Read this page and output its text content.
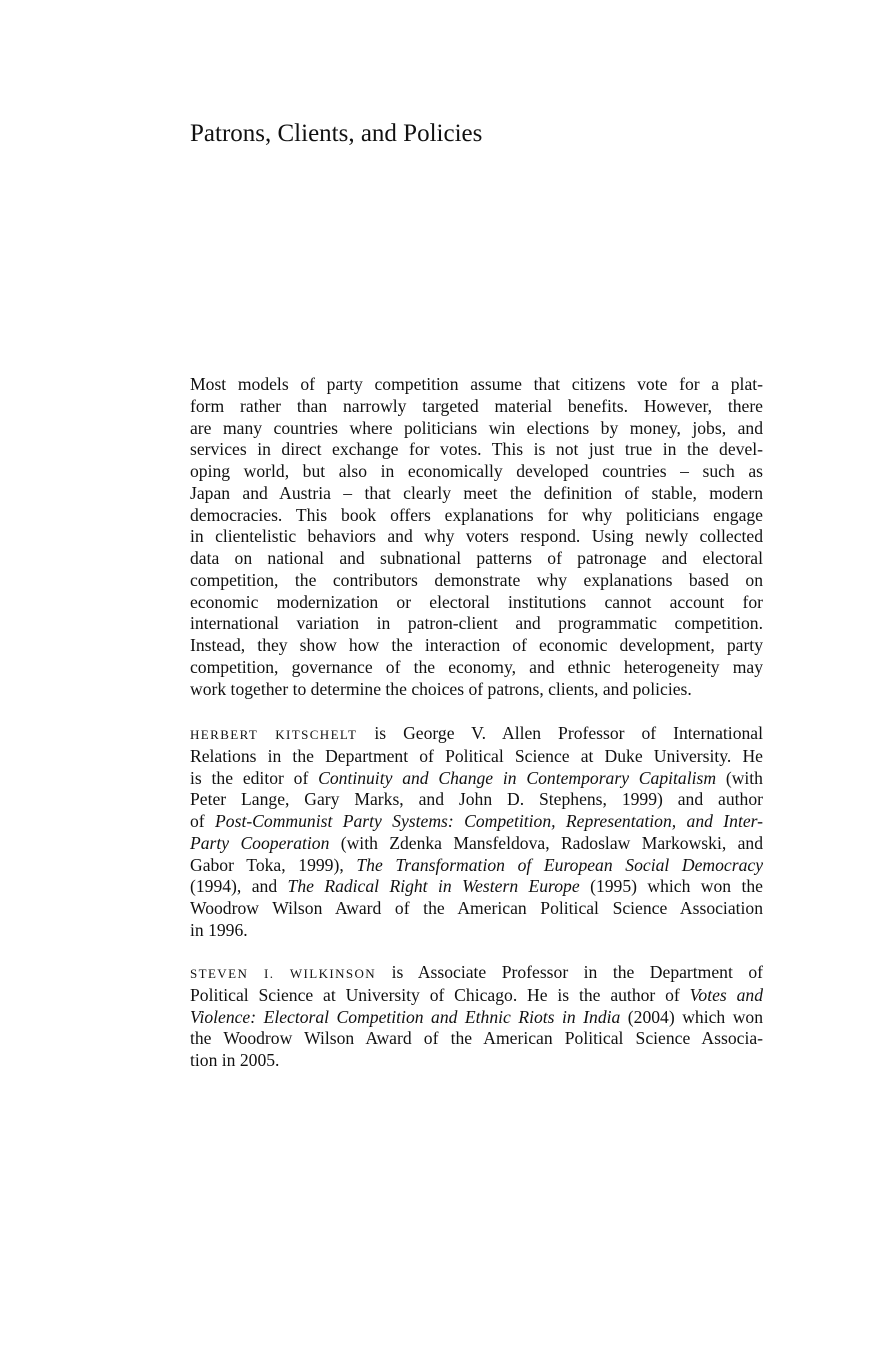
Patrons, Clients, and Policies
Most models of party competition assume that citizens vote for a plat-
form rather than narrowly targeted material benefits. However, there
are many countries where politicians win elections by money, jobs, and
services in direct exchange for votes. This is not just true in the devel-
oping world, but also in economically developed countries – such as
Japan and Austria – that clearly meet the definition of stable, modern
democracies. This book offers explanations for why politicians engage
in clientelistic behaviors and why voters respond. Using newly collected
data on national and subnational patterns of patronage and electoral
competition, the contributors demonstrate why explanations based on
economic modernization or electoral institutions cannot account for
international variation in patron-client and programmatic competition.
Instead, they show how the interaction of economic development, party
competition, governance of the economy, and ethnic heterogeneity may
work together to determine the choices of patrons, clients, and policies.
HERBERT KITSCHELT is George V. Allen Professor of International
Relations in the Department of Political Science at Duke University. He
is the editor of Continuity and Change in Contemporary Capitalism (with
Peter Lange, Gary Marks, and John D. Stephens, 1999) and author
of Post-Communist Party Systems: Competition, Representation, and Inter-
Party Cooperation (with Zdenka Mansfeldova, Radoslaw Markowski, and
Gabor Toka, 1999), The Transformation of European Social Democracy
(1994), and The Radical Right in Western Europe (1995) which won the
Woodrow Wilson Award of the American Political Science Association
in 1996.
STEVEN I. WILKINSON is Associate Professor in the Department of
Political Science at University of Chicago. He is the author of Votes and
Violence: Electoral Competition and Ethnic Riots in India (2004) which won
the Woodrow Wilson Award of the American Political Science Associa-
tion in 2005.
